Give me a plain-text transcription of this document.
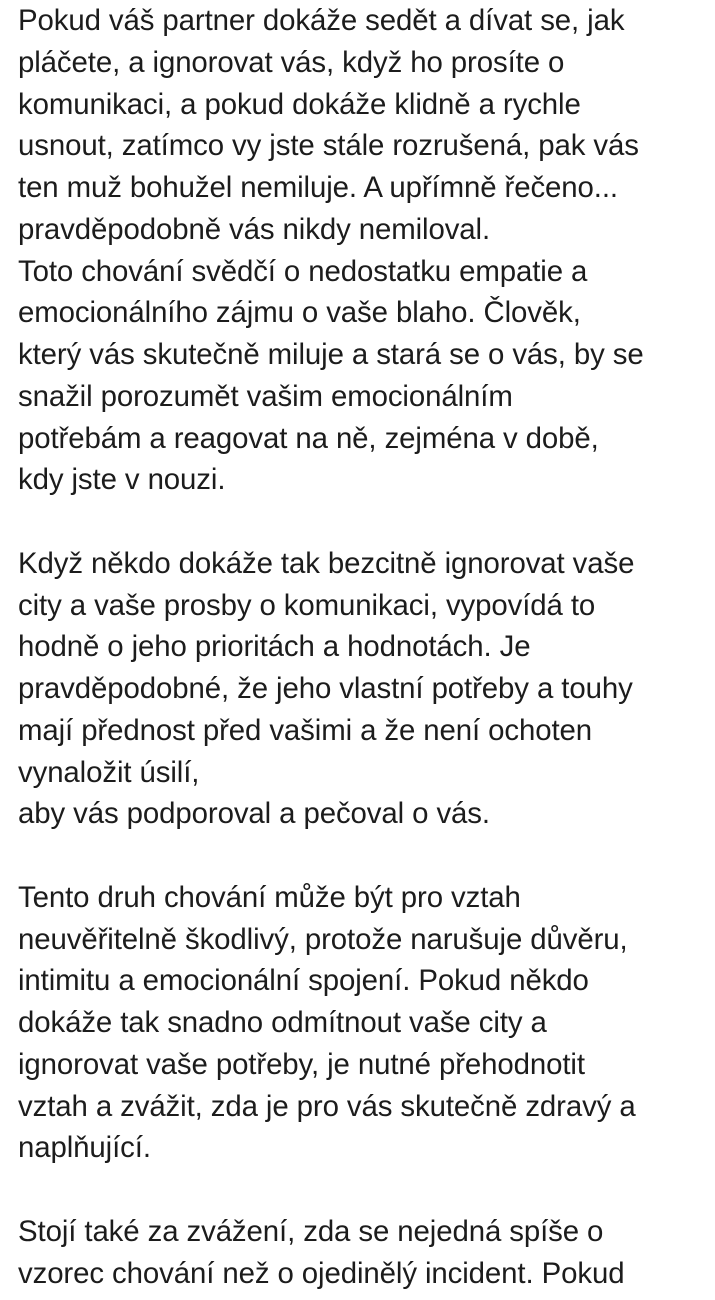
Pokud váš partner dokáže sedět a dívat se, jak
pláčete, a ignorovat vás, když ho prosíte o
komunikaci, a pokud dokáže klidně a rychle
usnout, zatímco vy jste stále rozrušená, pak vás
ten muž bohužel nemiluje. A upřímně řečeno...
pravděpodobně vás nikdy nemiloval.
Toto chování svědčí o nedostatku empatie a
emocionálního zájmu o vaše blaho. Člověk,
který vás skutečně miluje a stará se o vás, by se
snažil porozumět vašim emocionálním
potřebám a reagovat na ně, zejména v době,
kdy jste v nouzi.
Když někdo dokáže tak bezcitně ignorovat vaše
city a vaše prosby o komunikaci, vypovídá to
hodně o jeho prioritách a hodnotách. Je
pravděpodobné, že jeho vlastní potřeby a touhy
mají přednost před vašimi a že není ochoten
vynaložit úsilí,
aby vás podporoval a pečoval o vás.
Tento druh chování může být pro vztah
neuvěřitelně škodlivý, protože narušuje důvěru,
intimitu a emocionální spojení. Pokud někdo
dokáže tak snadno odmítnout vaše city a
ignorovat vaše potřeby, je nutné přehodnotit
vztah a zvážit, zda je pro vás skutečně zdravý a
naplňující.
Stojí také za zvážení, zda se nejedná spíše o
vzorec chování než o ojedinělý incident. Pokud
